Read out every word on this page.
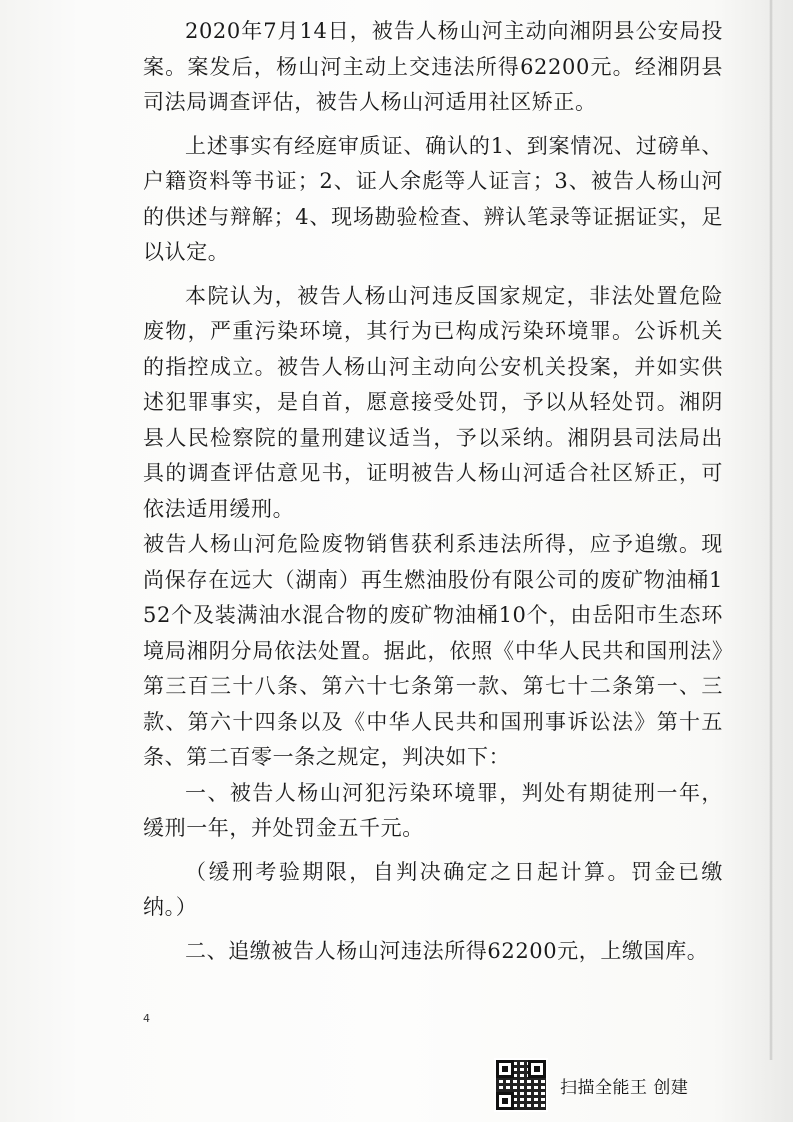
2020年7月14日，被告人杨山河主动向湘阴县公安局投案。案发后，杨山河主动上交违法所得62200元。经湘阴县司法局调查评估，被告人杨山河适用社区矫正。

上述事实有经庭审质证、确认的1、到案情况、过磅单、户籍资料等书证；2、证人余彪等人证言；3、被告人杨山河的供述与辩解；4、现场勘验检查、辨认笔录等证据证实，足以认定。

本院认为，被告人杨山河违反国家规定，非法处置危险废物，严重污染环境，其行为已构成污染环境罪。公诉机关的指控成立。被告人杨山河主动向公安机关投案，并如实供述犯罪事实，是自首，愿意接受处罚，予以从轻处罚。湘阴县人民检察院的量刑建议适当，予以采纳。湘阴县司法局出具的调查评估意见书，证明被告人杨山河适合社区矫正，可依法适用缓刑。

被告人杨山河危险废物销售获利系违法所得，应予追缴。现尚保存在远大（湖南）再生燃油股份有限公司的废矿物油桶152个及装满油水混合物的废矿物油桶10个，由岳阳市生态环境局湘阴分局依法处置。据此，依照《中华人民共和国刑法》第三百三十八条、第六十七条第一款、第七十二条第一、三款、第六十四条以及《中华人民共和国刑事诉讼法》第十五条、第二百零一条之规定，判决如下：

一、被告人杨山河犯污染环境罪，判处有期徒刑一年，缓刑一年，并处罚金五千元。

（缓刑考验期限，自判决确定之日起计算。罚金已缴纳。）

二、追缴被告人杨山河违法所得62200元，上缴国库。

4
扫描全能王 创建
